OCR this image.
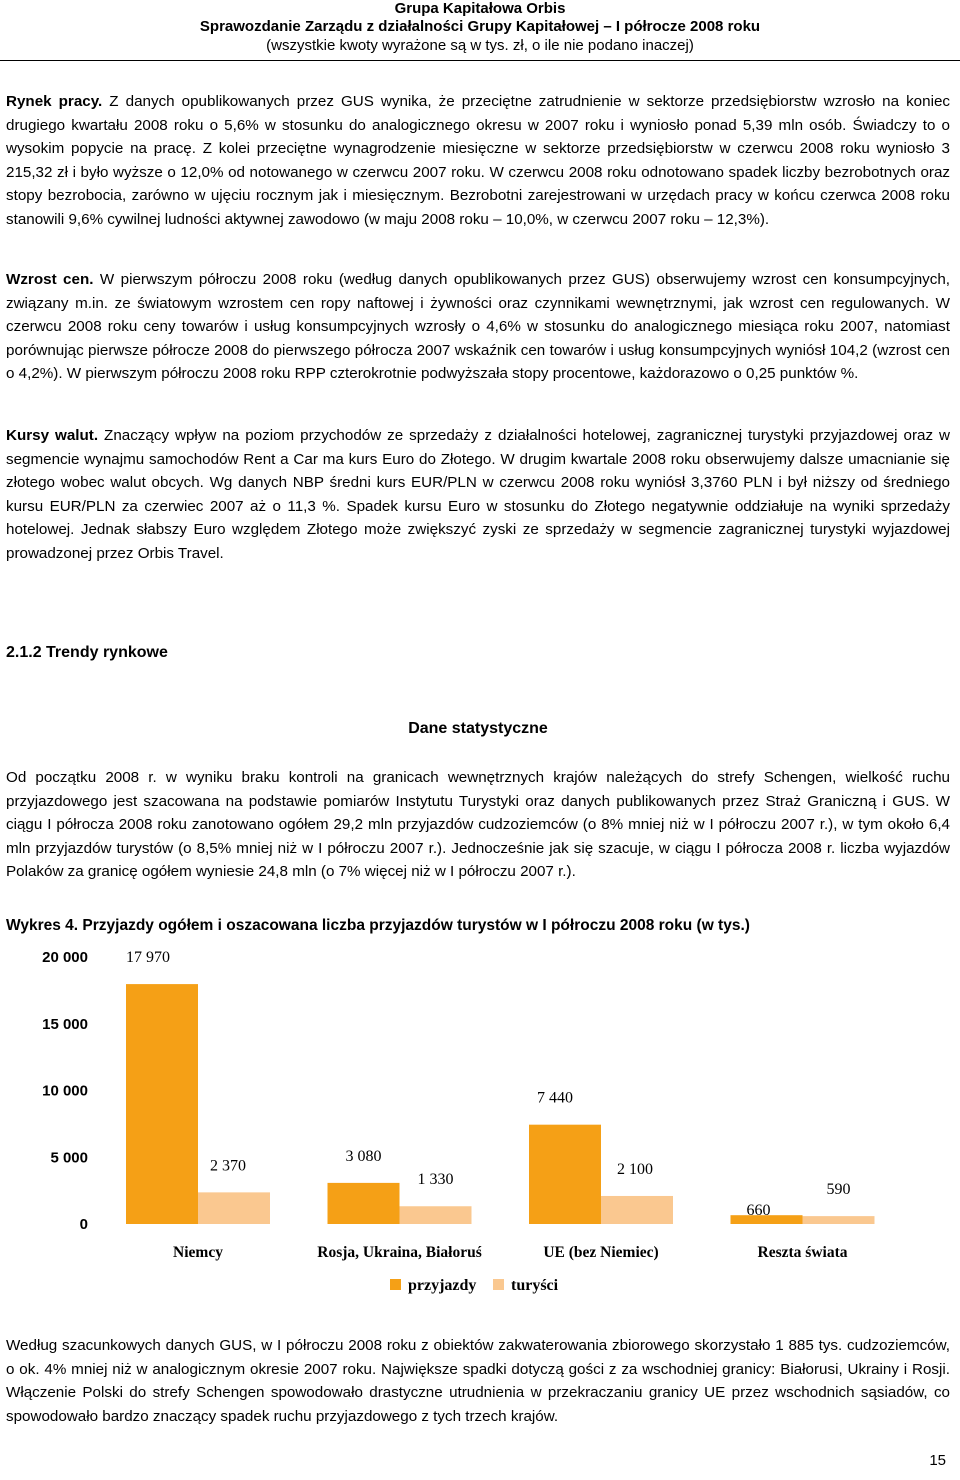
Grupa Kapitałowa Orbis
Sprawozdanie Zarządu z działalności Grupy Kapitałowej – I półrocze 2008 roku
(wszystkie kwoty wyrażone są w tys. zł, o ile nie podano inaczej)

Rynek pracy. Z danych opublikowanych przez GUS wynika, że przeciętne zatrudnienie w sektorze przedsiębiorstw wzrosło na koniec drugiego kwartału 2008 roku o 5,6% w stosunku do analogicznego okresu w 2007 roku i wyniosło ponad 5,39 mln osób. Świadczy to o wysokim popycie na pracę. Z kolei przeciętne wynagrodzenie miesięczne w sektorze przedsiębiorstw w czerwcu 2008 roku wyniosło 3 215,32 zł i było wyższe o 12,0% od notowanego w czerwcu 2007 roku. W czerwcu 2008 roku odnotowano spadek liczby bezrobotnych oraz stopy bezrobocia, zarówno w ujęciu rocznym jak i miesięcznym. Bezrobotni zarejestrowani w urzędach pracy w końcu czerwca 2008 roku stanowili 9,6% cywilnej ludności aktywnej zawodowo (w maju 2008 roku – 10,0%, w czerwcu 2007 roku – 12,3%).

Wzrost cen. W pierwszym półroczu 2008 roku (według danych opublikowanych przez GUS) obserwujemy wzrost cen konsumpcyjnych, związany m.in. ze światowym wzrostem cen ropy naftowej i żywności oraz czynnikami wewnętrznymi, jak wzrost cen regulowanych. W czerwcu 2008 roku ceny towarów i usług konsumpcyjnych wzrosły o 4,6% w stosunku do analogicznego miesiąca roku 2007, natomiast porównując pierwsze półrocze 2008 do pierwszego półrocza 2007 wskaźnik cen towarów i usług konsumpcyjnych wyniósł 104,2 (wzrost cen o 4,2%). W pierwszym półroczu 2008 roku RPP czterokrotnie podwyższała stopy procentowe, każdorazowo o 0,25 punktów %.

Kursy walut. Znaczący wpływ na poziom przychodów ze sprzedaży z działalności hotelowej, zagranicznej turystyki przyjazdowej oraz w segmencie wynajmu samochodów Rent a Car ma kurs Euro do Złotego. W drugim kwartale 2008 roku obserwujemy dalsze umacnianie się złotego wobec walut obcych. Wg danych NBP średni kurs EUR/PLN w czerwcu 2008 roku wyniósł 3,3760 PLN i był niższy od średniego kursu EUR/PLN za czerwiec 2007 aż o 11,3 %. Spadek kursu Euro w stosunku do Złotego negatywnie oddziałuje na wyniki sprzedaży hotelowej. Jednak słabszy Euro względem Złotego może zwiększyć zyski ze sprzedaży w segmencie zagranicznej turystyki wyjazdowej prowadzonej przez Orbis Travel.

2.1.2 Trendy rynkowe
Dane statystyczne

Od początku 2008 r. w wyniku braku kontroli na granicach wewnętrznych krajów należących do strefy Schengen, wielkość ruchu przyjazdowego jest szacowana na podstawie pomiarów Instytutu Turystyki oraz danych publikowanych przez Straż Graniczną i GUS. W ciągu I półrocza 2008 roku zanotowano ogółem 29,2 mln przyjazdów cudzoziemców (o 8% mniej niż w I półroczu 2007 r.), w tym około 6,4 mln przyjazdów turystów (o 8,5% mniej niż w I półroczu 2007 r.). Jednocześnie jak się szacuje, w ciągu I półrocza 2008 r. liczba wyjazdów Polaków za granicę ogółem wyniesie 24,8 mln (o 7% więcej niż w I półroczu 2007 r.).

Wykres 4. Przyjazdy ogółem i oszacowana liczba przyjazdów turystów w I półroczu 2008 roku (w tys.)
0
5 000
10 000
15 000
20 000 17 970
3 080
7 440
660
2 370
1 330
2 100
590
Niemcy	Rosja, Ukraina, Białoruś	UE (bez Niemiec)	Reszta świata
przyjazdy turyści

Według szacunkowych danych GUS, w I półroczu 2008 roku z obiektów zakwaterowania zbiorowego skorzystało 1 885 tys. cudzoziemców, o ok. 4% mniej niż w analogicznym okresie 2007 roku. Największe spadki dotyczą gości z za wschodniej granicy: Białorusi, Ukrainy i Rosji. Włączenie Polski do strefy Schengen spowodowało drastyczne utrudnienia w przekraczaniu granicy UE przez wschodnich sąsiadów, co spowodowało bardzo znaczący spadek ruchu przyjazdowego z tych trzech krajów.

15
